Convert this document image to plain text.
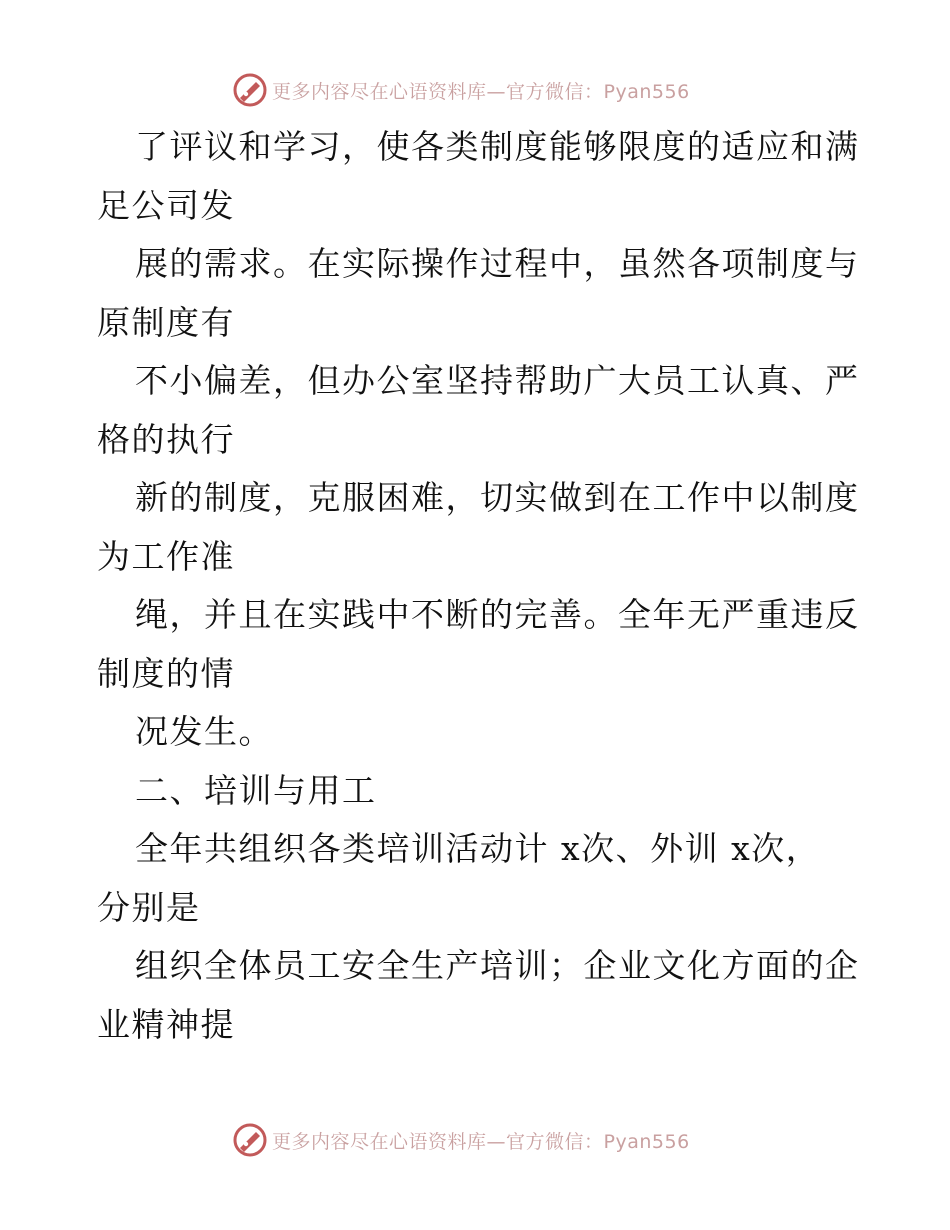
更多内容尽在心语资料库—官方微信：Pyan556
了评议和学习，使各类制度能够限度的适应和满
足公司发
展的需求。在实际操作过程中，虽然各项制度与
原制度有
不小偏差，但办公室坚持帮助广大员工认真、严
格的执行
新的制度，克服困难，切实做到在工作中以制度
为工作准
绳，并且在实践中不断的完善。全年无严重违反
制度的情
况发生。
二、培训与用工
全年共组织各类培训活动计 x次、外训 x次，
分别是
组织全体员工安全生产培训；企业文化方面的企
业精神提
更多内容尽在心语资料库—官方微信：Pyan556
